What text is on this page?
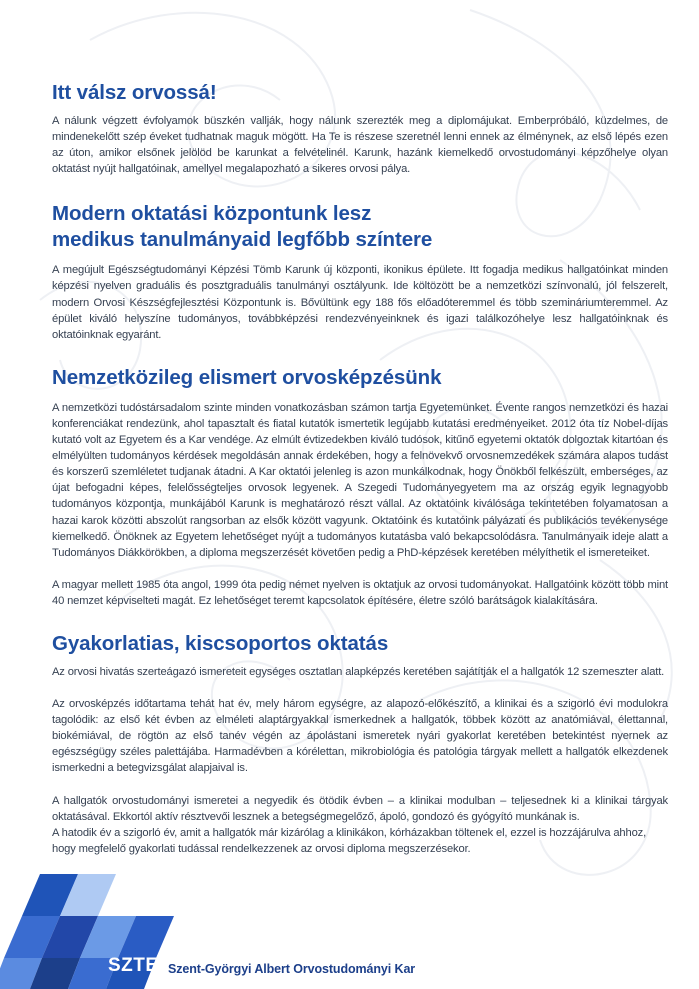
Itt válsz orvossá!

A nálunk végzett évfolyamok büszkén vallják, hogy nálunk szerezték meg a diplomájukat. Emberpróbáló, küzdelmes, de mindenekelőtt szép éveket tudhatnak maguk mögött. Ha Te is részese szeretnél lenni ennek az élménynek, az első lépés ezen az úton, amikor elsőnek jelölöd be karunkat a felvételinél. Karunk, hazánk kiemelkedő orvostudományi képzőhelye olyan oktatást nyújt hallgatóinak, amellyel megalapozható a sikeres orvosi pálya.

Modern oktatási központunk lesz
medikus tanulmányaid legfőbb színtere

A megújult Egészségtudományi Képzési Tömb Karunk új központi, ikonikus épülete. Itt fogadja medikus hallgatóinkat minden képzési nyelven graduális és posztgraduális tanulmányi osztályunk. Ide költözött be a nemzetközi színvonalú, jól felszerelt, modern Orvosi Készségfejlesztési Központunk is. Bővültünk egy 188 fős előadóteremmel és több szemináriumteremmel. Az épület kiváló helyszíne tudományos, továbbképzési rendezvényeinknek és igazi találkozóhelye lesz hallgatóinknak és oktatóinknak egyaránt.

Nemzetközileg elismert orvosképzésünk

A nemzetközi tudóstársadalom szinte minden vonatkozásban számon tartja Egyetemünket. Évente rangos nemzetközi és hazai konferenciákat rendezünk, ahol tapasztalt és fiatal kutatók ismertetik legújabb kutatási eredményeiket. 2012 óta tíz Nobel-díjas kutató volt az Egyetem és a Kar vendége. Az elmúlt évtizedekben kiváló tudósok, kitűnő egyetemi oktatók dolgoztak kitartóan és elmélyülten tudományos kérdések megoldásán annak érdekében, hogy a felnövekvő orvosnemzedékek számára alapos tudást és korszerű szemléletet tudjanak átadni. A Kar oktatói jelenleg is azon munkálkodnak, hogy Önökből felkészült, emberséges, az újat befogadni képes, felelősségteljes orvosok legyenek. A Szegedi Tudományegyetem ma az ország egyik legnagyobb tudományos központja, munkájából Karunk is meghatározó részt vállal. Az oktatóink kiválósága tekintetében folyamatosan a hazai karok közötti abszolút rangsorban az elsők között vagyunk. Oktatóink és kutatóink pályázati és publikációs tevékenysége kiemelkedő. Önöknek az Egyetem lehetőséget nyújt a tudományos kutatásba való bekapcsolódásra. Tanulmányaik ideje alatt a Tudományos Diákkörökben, a diploma megszerzését követően pedig a PhD-képzések keretében mélyíthetik el ismereteiket.

A magyar mellett 1985 óta angol, 1999 óta pedig német nyelven is oktatjuk az orvosi tudományokat. Hallgatóink között több mint 40 nemzet képviselteti magát. Ez lehetőséget teremt kapcsolatok építésére, életre szóló barátságok kialakítására.

Gyakorlatias, kiscsoportos oktatás

Az orvosi hivatás szerteágazó ismereteit egységes osztatlan alapképzés keretében sajátítják el a hallgatók 12 szemeszter alatt.

Az orvosképzés időtartama tehát hat év, mely három egységre, az alapozó-előkészítő, a klinikai és a szigorló évi modulokra tagolódik: az első két évben az elméleti alaptárgyakkal ismerkednek a hallgatók, többek között az anatómiával, élettannal, biokémiával, de rögtön az első tanév végén az ápolástani ismeretek nyári gyakorlat keretében betekintést nyernek az egészségügy széles palettájába. Harmadévben a kórélettan, mikrobiológia és patológia tárgyak mellett a hallgatók elkezdenek ismerkedni a betegvizsgálat alapjaival is.

A hallgatók orvostudományi ismeretei a negyedik és ötödik évben – a klinikai modulban – teljesednek ki a klinikai tárgyak oktatásával. Ekkortól aktív résztvevői lesznek a betegségmegelőző, ápoló, gondozó és gyógyító munkának is.

A hatodik év a szigorló év, amit a hallgatók már kizárólag a klinikákon, kórházakban töltenek el, ezzel is hozzájárulva ahhoz, hogy megfelelő gyakorlati tudással rendelkezzenek az orvosi diploma megszerzésekor.

SZTE Szent-Györgyi Albert Orvostudományi Kar
